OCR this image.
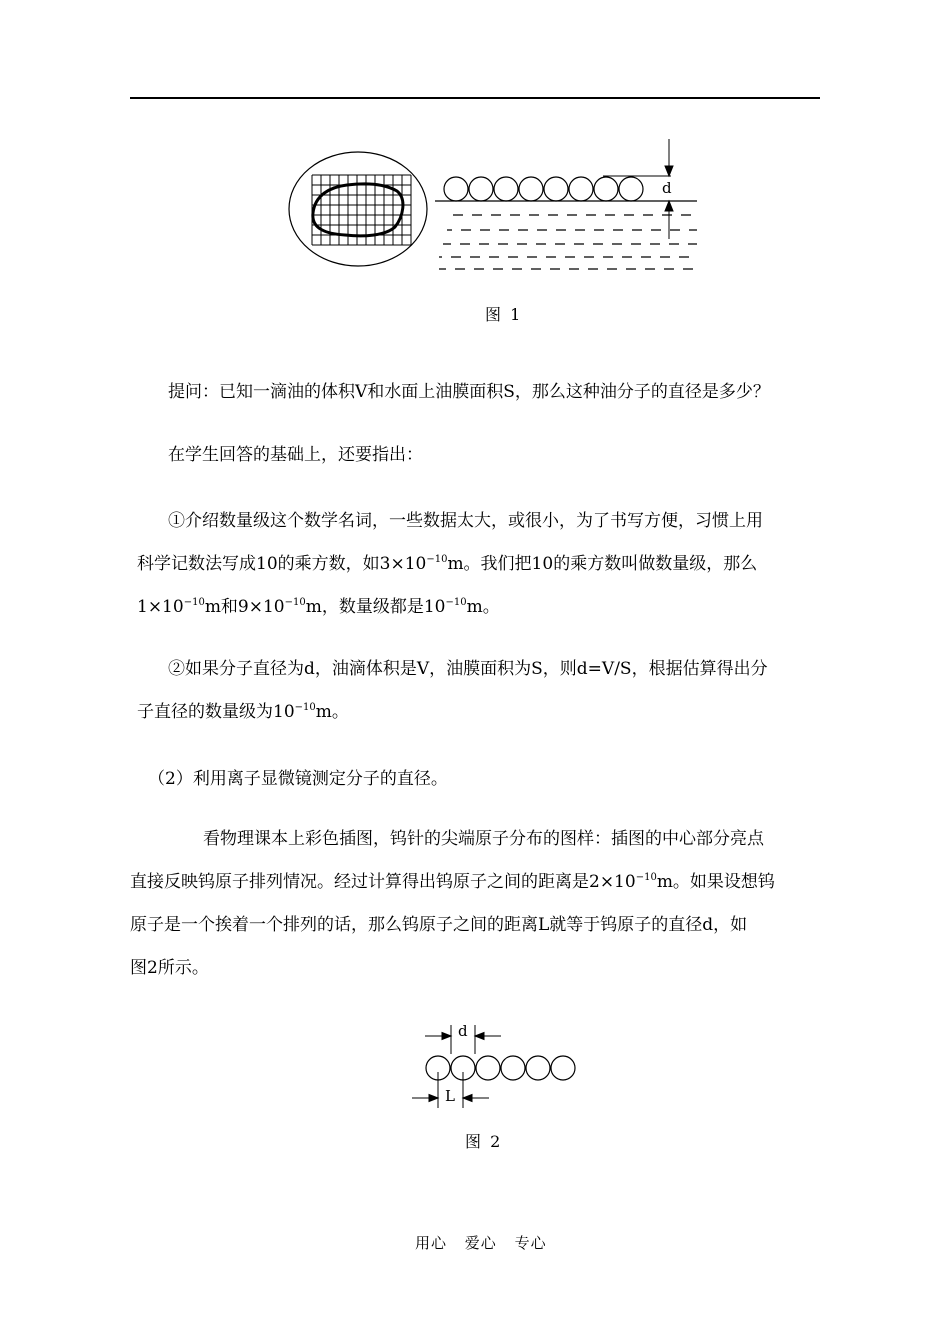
d
图 1

提问：已知一滴油的体积V和水面上油膜面积S，那么这种油分子的直径是多少？

在学生回答的基础上，还要指出：

①介绍数量级这个数学名词，一些数据太大，或很小，为了书写方便，习惯上用

科学记数法写成10的乘方数，如$3\times 10^{-10}m$。我们把10的乘方数叫做数量级，那么

$1\times 10^{-10}m$和$9\times 10^{-10}m$，数量级都是$10^{-10}m$。

②如果分子直径为d，油滴体积是V，油膜面积为S，则d=V/S，根据估算得出分

子直径的数量级为$10^{-10}m$。

（2）利用离子显微镜测定分子的直径。

看物理课本上彩色插图，钨针的尖端原子分布的图样：插图的中心部分亮点

直接反映钨原子排列情况。经过计算得出钨原子之间的距离是$2\times 10^{-10}m$。如果设想钨

原子是一个挨着一个排列的话，那么钨原子之间的距离L就等于钨原子的直径d，如

图2所示。

d
L
图 2
用心 爱心 专心
